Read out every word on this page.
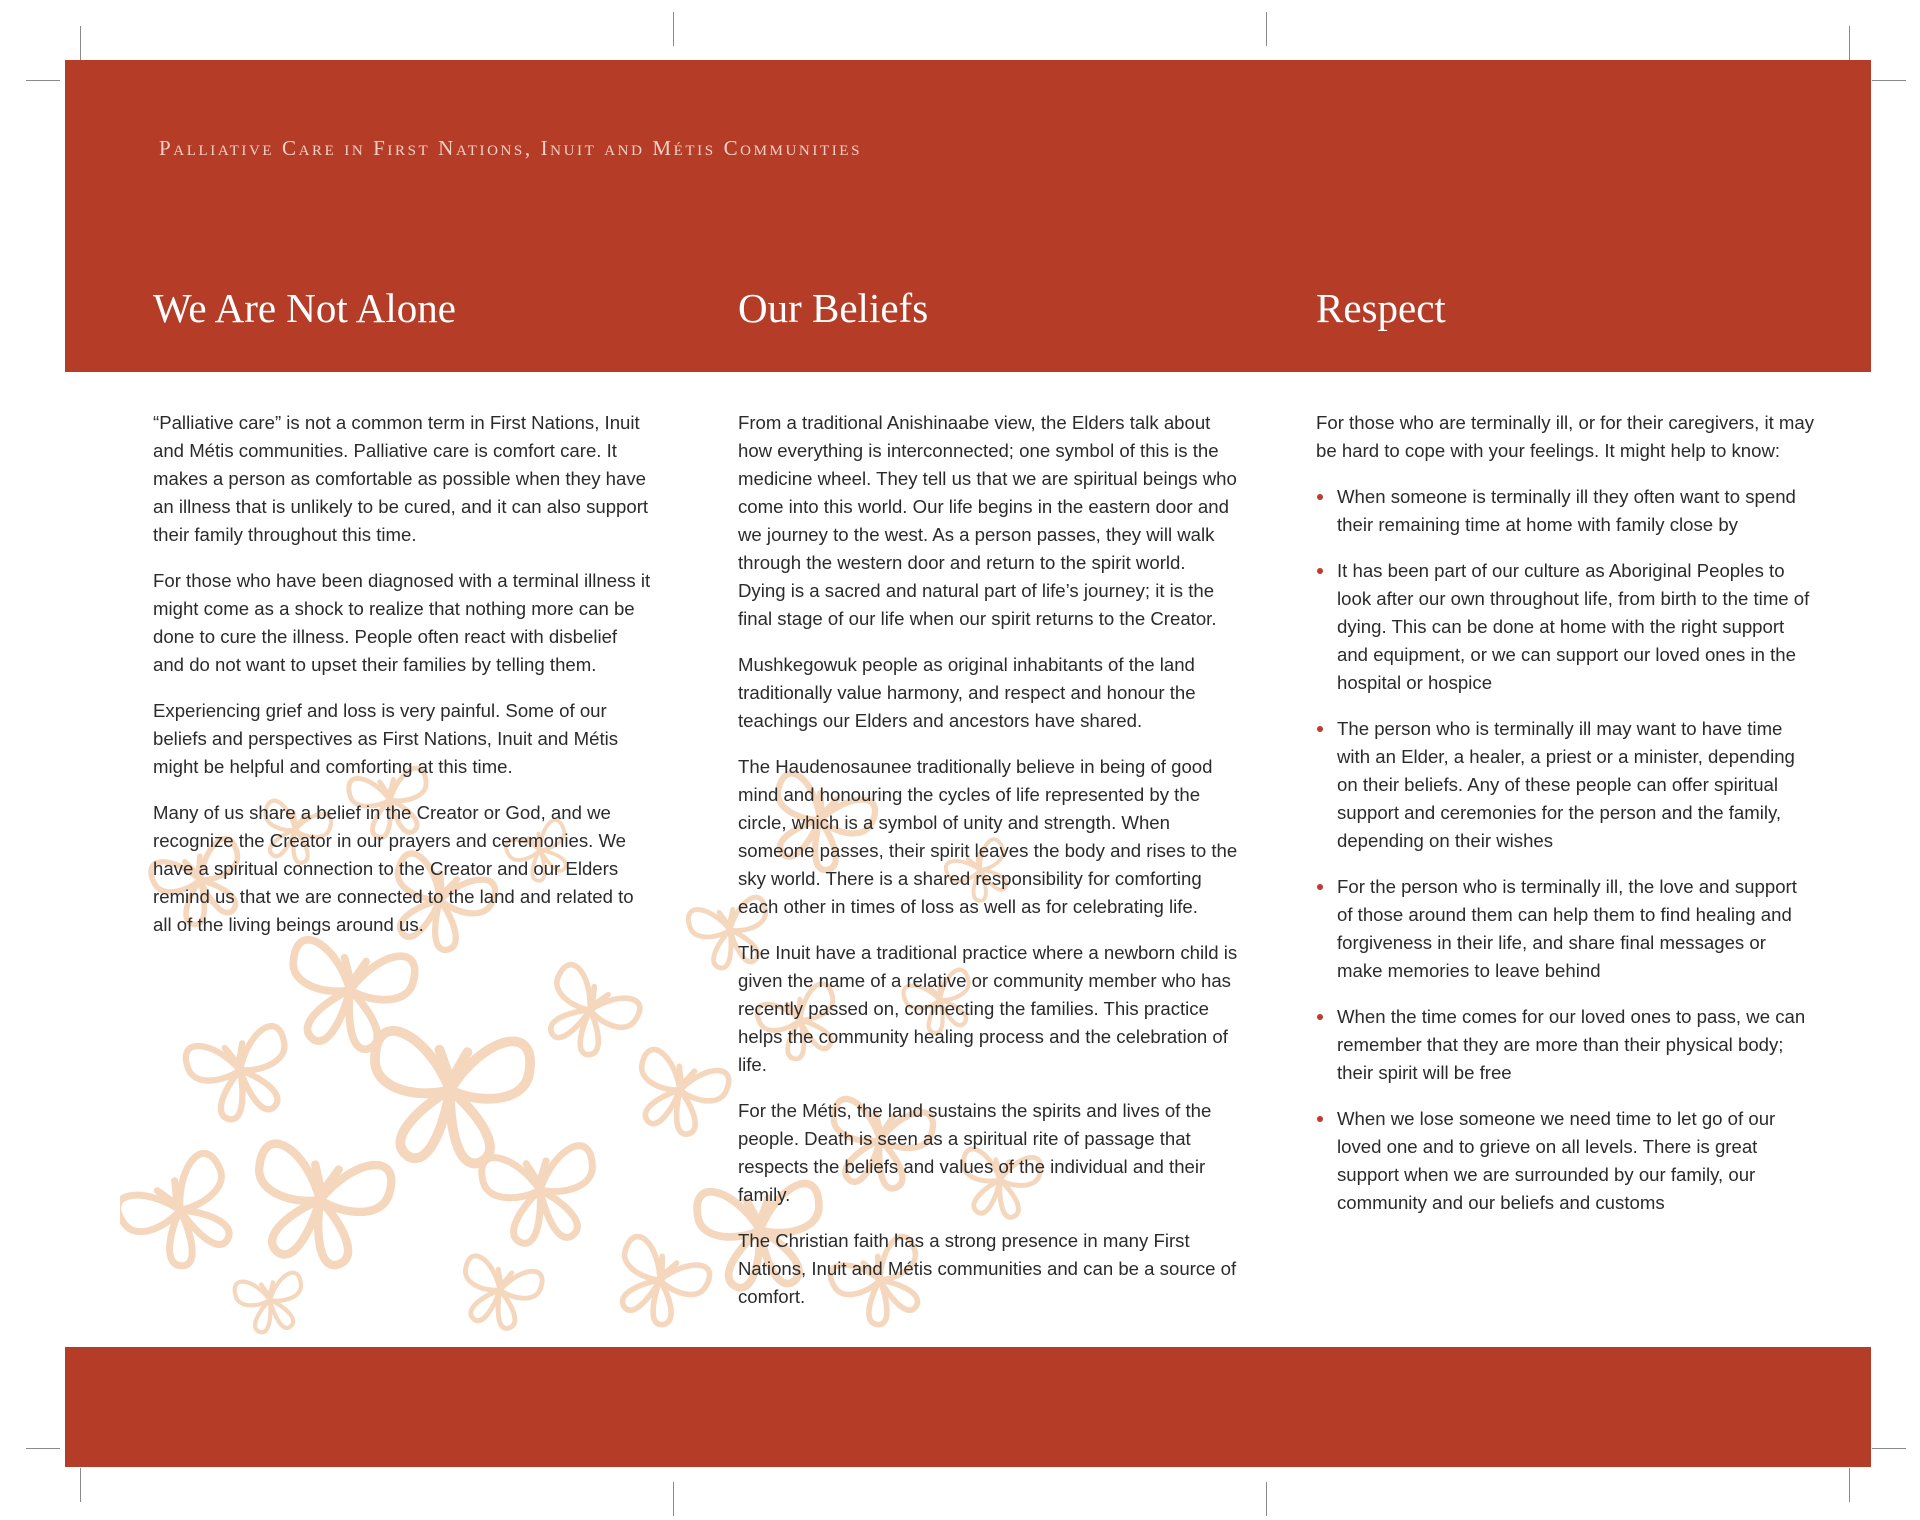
Palliative Care in First Nations, Inuit and Métis Communities
We Are Not Alone	Our Beliefs	Respect

“Palliative care” is not a common term in First Nations, Inuit and Métis communities. Palliative care is comfort care. It makes a person as comfortable as possible when they have an illness that is unlikely to be cured, and it can also support their family throughout this time.

For those who have been diagnosed with a terminal illness it might come as a shock to realize that nothing more can be done to cure the illness. People often react with disbelief and do not want to upset their families by telling them.

Experiencing grief and loss is very painful. Some of our beliefs and perspectives as First Nations, Inuit and Métis might be helpful and comforting at this time.

Many of us share a belief in the Creator or God, and we recognize the Creator in our prayers and ceremonies. We have a spiritual connection to the Creator and our Elders remind us that we are connected to the land and related to all of the living beings around us.

From a traditional Anishinaabe view, the Elders talk about how everything is interconnected; one symbol of this is the medicine wheel. They tell us that we are spiritual beings who come into this world. Our life begins in the eastern door and we journey to the west. As a person passes, they will walk through the western door and return to the spirit world. Dying is a sacred and natural part of life’s journey; it is the final stage of our life when our spirit returns to the Creator.

Mushkegowuk people as original inhabitants of the land traditionally value harmony, and respect and honour the teachings our Elders and ancestors have shared.

The Haudenosaunee traditionally believe in being of good mind and honouring the cycles of life represented by the circle, which is a symbol of unity and strength. When someone passes, their spirit leaves the body and rises to the sky world. There is a shared responsibility for comforting each other in times of loss as well as for celebrating life.

The Inuit have a traditional practice where a newborn child is given the name of a relative or community member who has recently passed on, connecting the families. This practice helps the community healing process and the celebration of life.

For the Métis, the land sustains the spirits and lives of the people. Death is seen as a spiritual rite of passage that respects the beliefs and values of the individual and their family.

The Christian faith has a strong presence in many First Nations, Inuit and Métis communities and can be a source of comfort.

For those who are terminally ill, or for their caregivers, it may be hard to cope with your feelings. It might help to know:

When someone is terminally ill they often want to spend their remaining time at home with family close by
It has been part of our culture as Aboriginal Peoples to look after our own throughout life, from birth to the time of dying. This can be done at home with the right support and equipment, or we can support our loved ones in the hospital or hospice
The person who is terminally ill may want to have time with an Elder, a healer, a priest or a minister, depending on their beliefs. Any of these people can offer spiritual support and ceremonies for the person and the family, depending on their wishes
For the person who is terminally ill, the love and support of those around them can help them to find healing and forgiveness in their life, and share final messages or make memories to leave behind
When the time comes for our loved ones to pass, we can remember that they are more than their physical body; their spirit will be free
When we lose someone we need time to let go of our loved one and to grieve on all levels. There is great support when we are surrounded by our family, our community and our beliefs and customs
